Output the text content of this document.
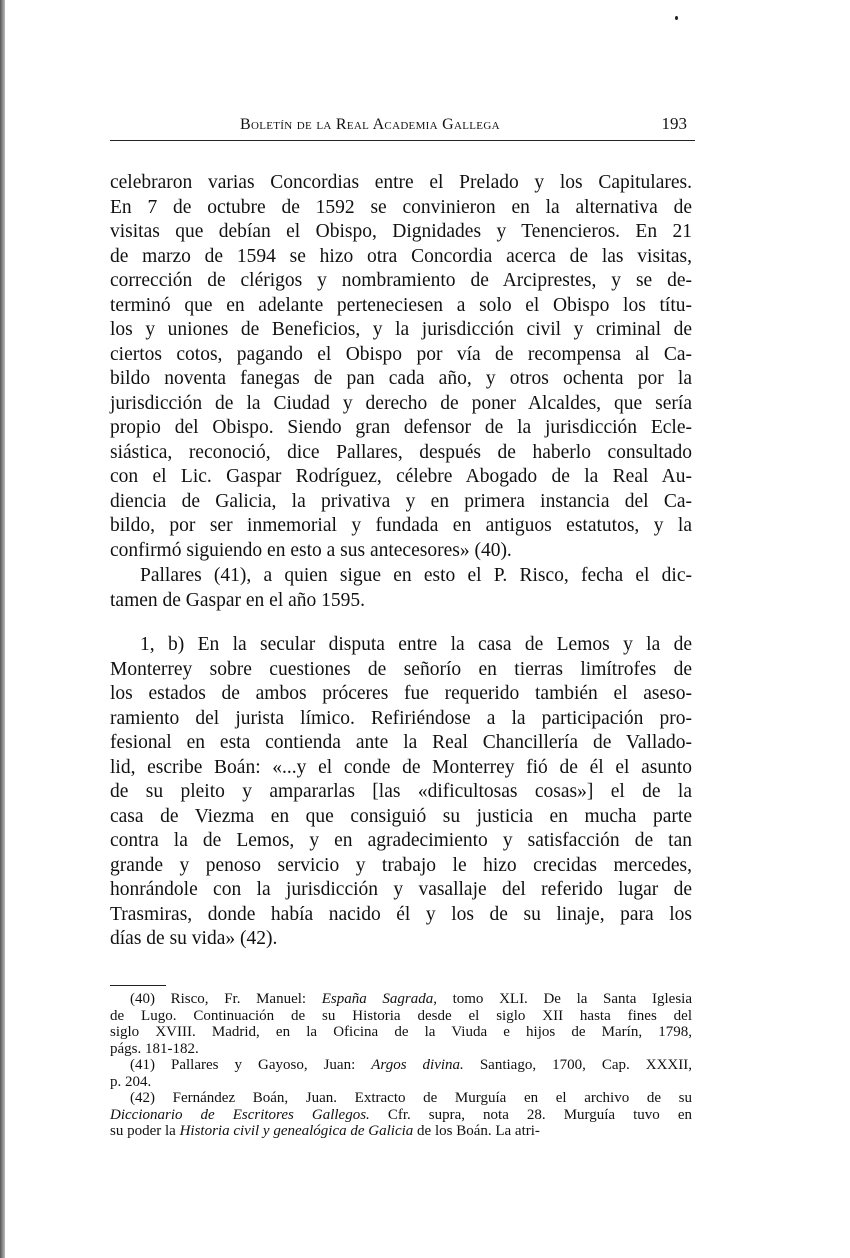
Boletín de la Real Academia Gallega	193
celebraron varias Concordias entre el Prelado y los Capitulares.
En 7 de octubre de 1592 se convinieron en la alternativa de
visitas que debían el Obispo, Dignidades y Tenencieros. En 21
de marzo de 1594 se hizo otra Concordia acerca de las visitas,
corrección de clérigos y nombramiento de Arciprestes, y se de-
terminó que en adelante perteneciesen a solo el Obispo los títu-
los y uniones de Beneficios, y la jurisdicción civil y criminal de
ciertos cotos, pagando el Obispo por vía de recompensa al Ca-
bildo noventa fanegas de pan cada año, y otros ochenta por la
jurisdicción de la Ciudad y derecho de poner Alcaldes, que sería
propio del Obispo. Siendo gran defensor de la jurisdicción Ecle-
siástica, reconoció, dice Pallares, después de haberlo consultado
con el Lic. Gaspar Rodríguez, célebre Abogado de la Real Au-
diencia de Galicia, la privativa y en primera instancia del Ca-
bildo, por ser inmemorial y fundada en antiguos estatutos, y la
confirmó siguiendo en esto a sus antecesores» (40).
Pallares (41), a quien sigue en esto el P. Risco, fecha el dic-
tamen de Gaspar en el año 1595.
1, b) En la secular disputa entre la casa de Lemos y la de
Monterrey sobre cuestiones de señorío en tierras limítrofes de
los estados de ambos próceres fue requerido también el aseso-
ramiento del jurista límico. Refiriéndose a la participación pro-
fesional en esta contienda ante la Real Chancillería de Vallado-
lid, escribe Boán: «...y el conde de Monterrey fió de él el asunto
de su pleito y ampararlas [las «dificultosas cosas»] el de la
casa de Viezma en que consiguió su justicia en mucha parte
contra la de Lemos, y en agradecimiento y satisfacción de tan
grande y penoso servicio y trabajo le hizo crecidas mercedes,
honrándole con la jurisdicción y vasallaje del referido lugar de
Trasmiras, donde había nacido él y los de su linaje, para los
días de su vida» (42).
(40) Risco, Fr. Manuel: España Sagrada, tomo XLI. De la Santa Iglesia
de Lugo. Continuación de su Historia desde el siglo XII hasta fines del
siglo XVIII. Madrid, en la Oficina de la Viuda e hijos de Marín, 1798,
págs. 181-182.
(41) Pallares y Gayoso, Juan: Argos divina. Santiago, 1700, Cap. XXXII,
p. 204.
(42) Fernández Boán, Juan. Extracto de Murguía en el archivo de su
Diccionario de Escritores Gallegos. Cfr. supra, nota 28. Murguía tuvo en
su poder la Historia civil y genealógica de Galicia de los Boán. La atri-
